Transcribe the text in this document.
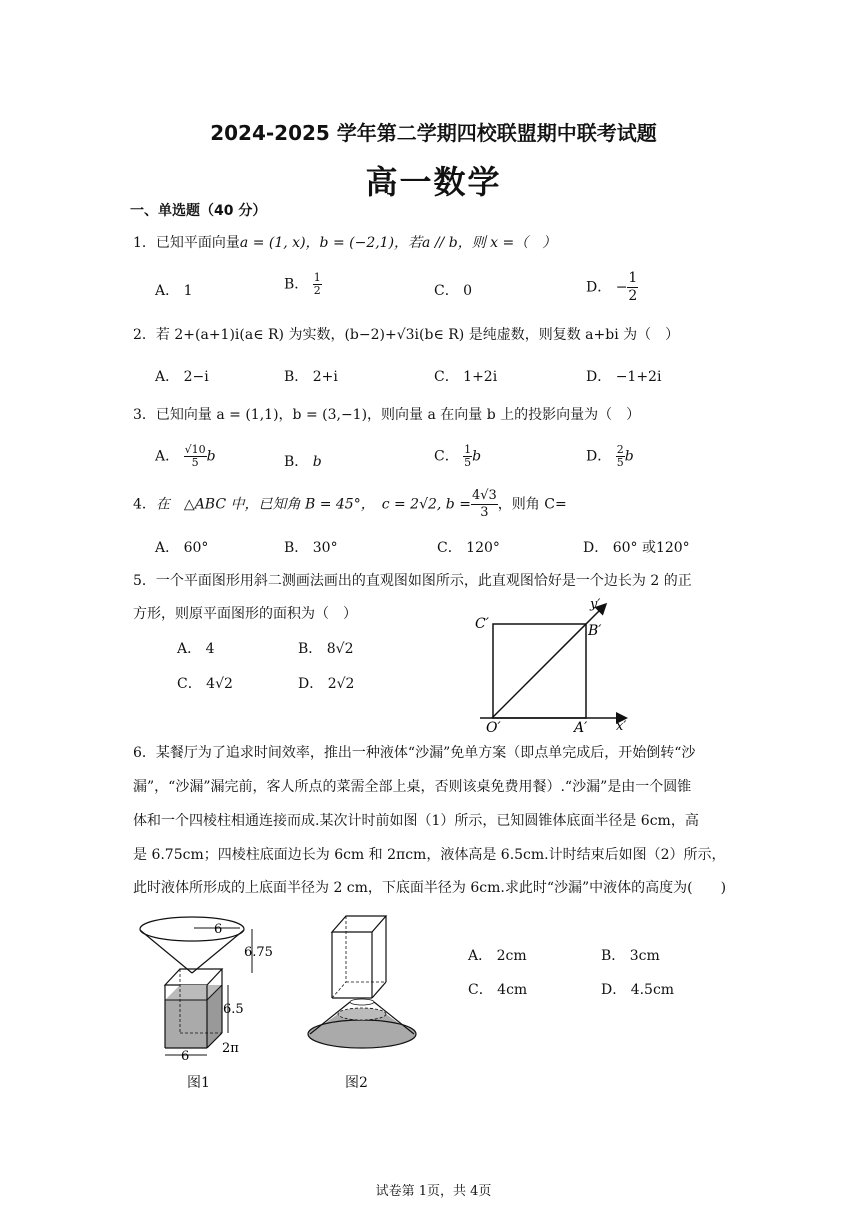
2024-2025 学年第二学期四校联盟期中联考试题
高一数学
一、单选题（40 分）
1．已知平面向量a = (1, x)，b = (−2,1)，若a // b，则 x =（　）
A． 1	B． $\frac{1}{2}$	C． 0	D． − $\frac{1}{2}$
2．若 2+(a+1)i(a∈ R) 为实数，(b−2)+√3i(b∈ R) 是纯虚数，则复数 a+bi 为（　）
A． 2−i	B． 2+i	C． 1+2i	D． −1+2i
3．已知向量 a = (1,1)，b = (3,−1)，则向量 a 在向量 b 上的投影向量为（　）
A． $\frac{√10}{5}$ b	B． b	C． $\frac{1}{5}$ b	D． $\frac{2}{5}$ b
4．在　△ABC 中，已知角 B = 45°，　c = 2√2, $b = \frac{4√3}{3}$ ，则角 C=
A． 60°	B． 30°	C． 120°	D． 60° 或120°
5．一个平面图形用斜二测画法画出的直观图如图所示，此直观图恰好是一个边长为 2 的正
方形，则原平面图形的面积为（　）
A． 4	B． 8√2
C． 4√2	D． 2√2
y′
x′
O′	A′
B′
C′
6．某餐厅为了追求时间效率，推出一种液体“沙漏”免单方案（即点单完成后，开始倒转“沙
漏”，“沙漏”漏完前，客人所点的菜需全部上桌，否则该桌免费用餐）.“沙漏”是由一个圆锥
体和一个四棱柱相通连接而成.某次计时前如图（1）所示，已知圆锥体底面半径是 6cm，高
是 6.75cm；四棱柱底面边长为 6cm 和 2πcm，液体高是 6.5cm.计时结束后如图（2）所示，
此时液体所形成的上底面半径为 2 cm，下底面半径为 6cm.求此时“沙漏”中液体的高度为(　　)
A． 2cm	B． 3cm
C． 4cm	D． 4.5cm
6
6.75
6.5
6
2π
图1	图2
试卷第 1页，共 4页
